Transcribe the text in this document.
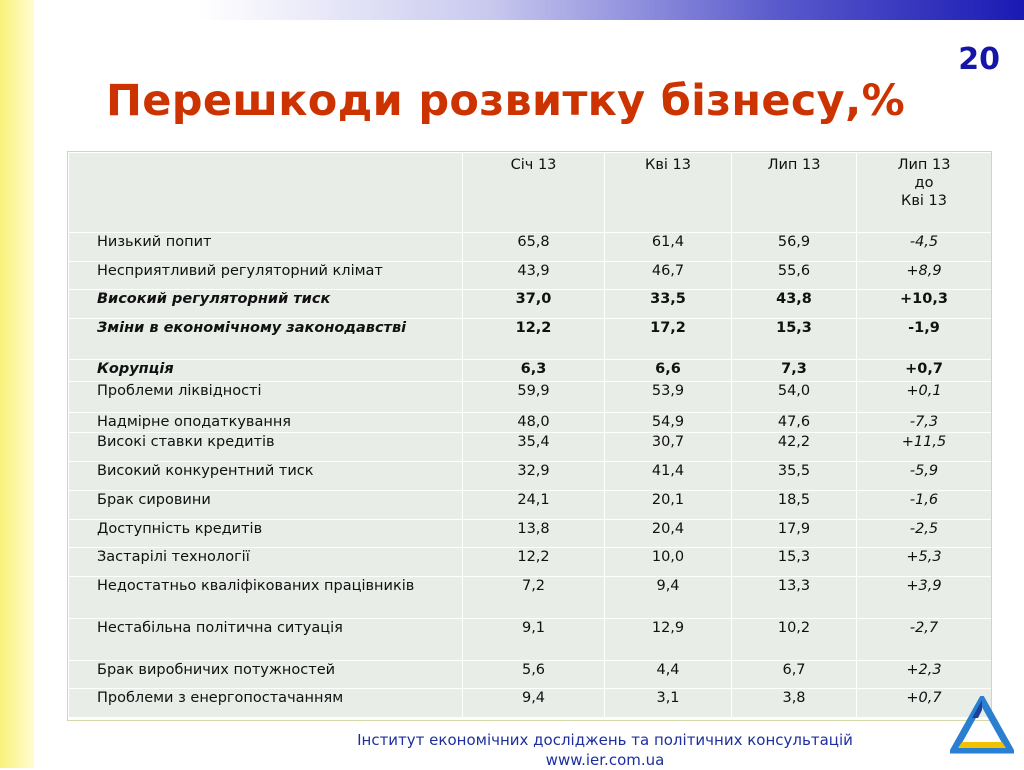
20
Перешкоди розвитку бізнесу,%
	Січ 13	Кві 13	Лип 13	Лип 13
до
Кві 13
Низький попит	65,8	61,4	56,9	-4,5
Несприятливий регуляторний клімат	43,9	46,7	55,6	+8,9
Високий регуляторний тиск	37,0	33,5	43,8	+10,3
Зміни в економічному законодавстві	12,2	17,2	15,3	-1,9
Корупція	6,3	6,6	7,3	+0,7
Проблеми ліквідності	59,9	53,9	54,0	+0,1
Надмірне оподаткування	48,0	54,9	47,6	-7,3
Високі ставки кредитів	35,4	30,7	42,2	+11,5
Високий конкурентний тиск	32,9	41,4	35,5	-5,9
Брак сировини	24,1	20,1	18,5	-1,6
Доступність кредитів	13,8	20,4	17,9	-2,5
Застарілі технології	12,2	10,0	15,3	+5,3
Недостатньо кваліфікованих працівників	7,2	9,4	13,3	+3,9
Нестабільна політична ситуація	9,1	12,9	10,2	-2,7
Брак виробничих потужностей	5,6	4,4	6,7	+2,3
Проблеми з енергопостачанням	9,4	3,1	3,8	+0,7
Інститут економічних досліджень та політичних консультацій
www.ier.com.ua
